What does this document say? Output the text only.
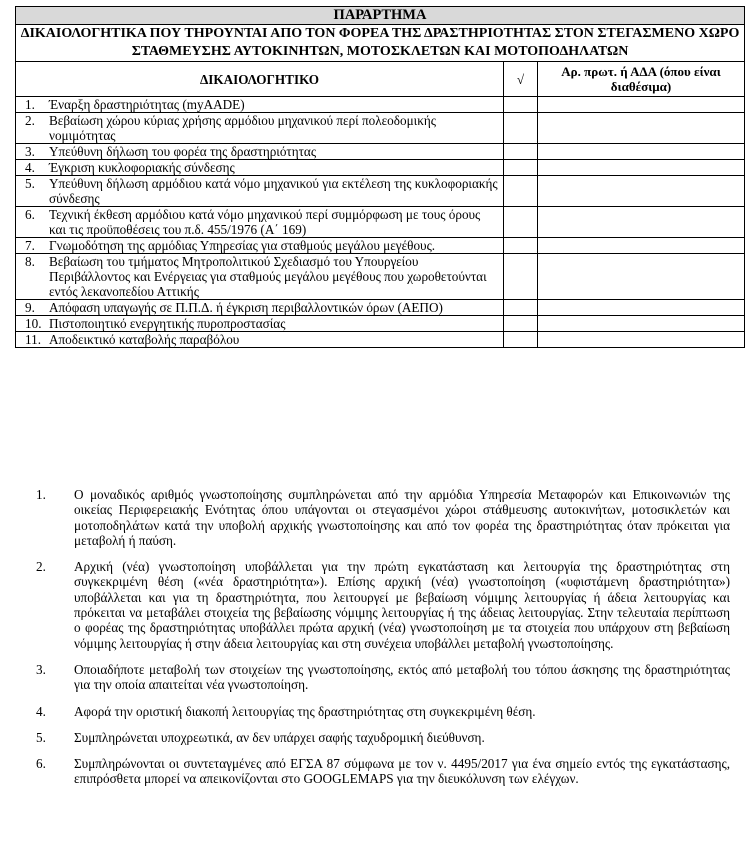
ΠΑΡΑΡΤΗΜΑ		
ΔΙΚΑΙΟΛΟΓΗΤΙΚΑ ΠΟΥ ΤΗΡΟΥΝΤΑΙ ΑΠΟ ΤΟΝ ΦΟΡΕΑ ΤΗΣ ΔΡΑΣΤΗΡΙΟΤΗΤΑΣ ΣΤΟΝ ΣΤΕΓΑΣΜΕΝΟ ΧΩΡΟ ΣΤΑΘΜΕΥΣΗΣ ΑΥΤΟΚΙΝΗΤΩΝ, ΜΟΤΟΣΚΛΕΤΩΝ ΚΑΙ ΜΟΤΟΠΟΔΗΛΑΤΩΝ		
ΔΙΚΑΙΟΛΟΓΗΤΙΚΟ	√	Αρ. πρωτ. ή ΑΔΑ (όπου είναι διαθέσιμα)

1. Έναρξη δραστηριότητας (myAADE)		

2. Βεβαίωση χώρου κύριας χρήσης αρμόδιου μηχανικού περί πολεοδομικής νομιμότητας		

3. Υπεύθυνη δήλωση του φορέα της δραστηριότητας		

4. Έγκριση κυκλοφοριακής σύνδεσης		

5. Υπεύθυνη δήλωση αρμόδιου κατά νόμο μηχανικού για εκτέλεση της κυκλοφοριακής σύνδεσης		

6. Τεχνική έκθεση αρμόδιου κατά νόμο μηχανικού περί συμμόρφωση με τους όρους και τις προϋποθέσεις του π.δ. 455/1976 (Α΄ 169)		

7. Γνωμοδότηση της αρμόδιας Υπηρεσίας για σταθμούς μεγάλου μεγέθους.		

8. Βεβαίωση του τμήματος Μητροπολιτικού Σχεδιασμό του Υπουργείου Περιβάλλοντος και Ενέργειας για σταθμούς μεγάλου μεγέθους που χωροθετούνται εντός λεκανοπεδίου Αττικής		

9. Απόφαση υπαγωγής σε Π.Π.Δ. ή έγκριση περιβαλλοντικών όρων (ΑΕΠΟ)		

10. Πιστοποιητικό ενεργητικής πυροπροστασίας		

11. Αποδεικτικό καταβολής παραβόλου		

1.	Ο μοναδικός αριθμός γνωστοποίησης συμπληρώνεται από την αρμόδια Υπηρεσία Μεταφορών και Επικοινωνιών της οικείας Περιφερειακής Ενότητας όπου υπάγονται οι στεγασμένοι χώροι στάθμευσης αυτοκινήτων, μοτοσικλετών και μοτοποδηλάτων κατά την υποβολή αρχικής γνωστοποίησης και από τον φορέα της δραστηριότητας όταν πρόκειται για μεταβολή ή παύση.
2.	Αρχική (νέα) γνωστοποίηση υποβάλλεται για την πρώτη εγκατάσταση και λειτουργία της δραστηριότητας στη συγκεκριμένη θέση («νέα δραστηριότητα»). Επίσης αρχική (νέα) γνωστοποίηση («υφιστάμενη δραστηριότητα») υποβάλλεται και για τη δραστηριότητα, που λειτουργεί με βεβαίωση νόμιμης λειτουργίας ή άδεια λειτουργίας και πρόκειται να μεταβάλει στοιχεία της βεβαίωσης νόμιμης λειτουργίας ή της άδειας λειτουργίας. Στην τελευταία περίπτωση ο φορέας της δραστηριότητας υποβάλλει πρώτα αρχική (νέα) γνωστοποίηση με τα στοιχεία που υπάρχουν στη βεβαίωση νόμιμης λειτουργίας ή στην άδεια λειτουργίας και στη συνέχεια υποβάλλει μεταβολή γνωστοποίησης.
3.	Οποιαδήποτε μεταβολή των στοιχείων της γνωστοποίησης, εκτός από μεταβολή του τόπου άσκησης της δραστηριότητας για την οποία απαιτείται νέα γνωστοποίηση.
4.	Αφορά την οριστική διακοπή λειτουργίας της δραστηριότητας στη συγκεκριμένη θέση.
5.	Συμπληρώνεται υποχρεωτικά, αν δεν υπάρχει σαφής ταχυδρομική διεύθυνση.
6.	Συμπληρώνονται οι συντεταγμένες από ΕΓΣΑ 87 σύμφωνα με τον ν. 4495/2017 για ένα σημείο εντός της εγκατάστασης, επιπρόσθετα μπορεί να απεικονίζονται στο GOOGLEMAPS για την διευκόλυνση των ελέγχων.
